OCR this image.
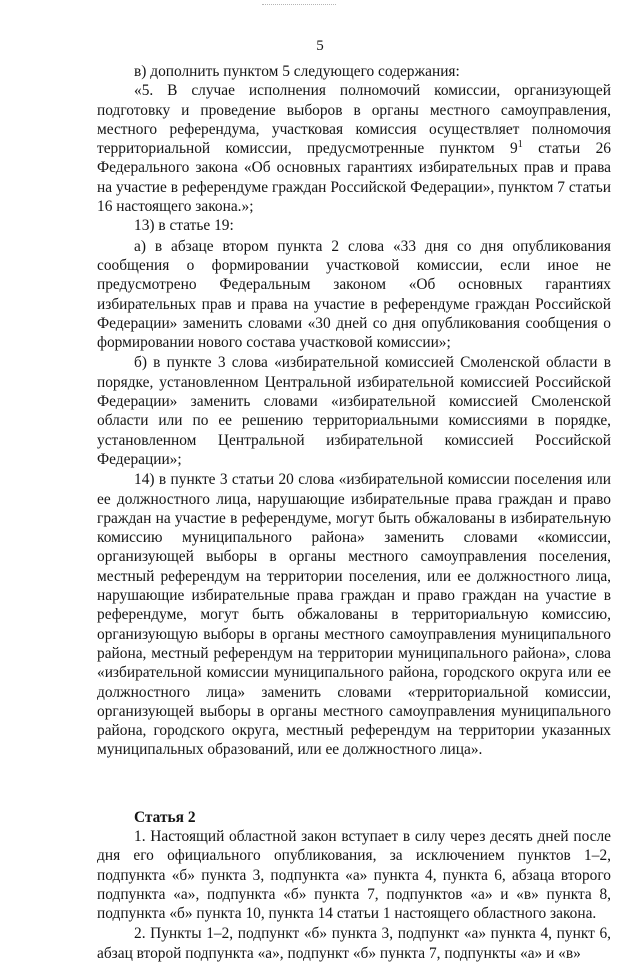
5

в) дополнить пунктом 5 следующего содержания:

«5. В случае исполнения полномочий комиссии, организующей подготовку и проведение выборов в органы местного самоуправления, местного референдума, участковая комиссия осуществляет полномочия территориальной комиссии, предусмотренные пунктом $9^1$ статьи 26 Федерального закона «Об основных гарантиях избирательных прав и права на участие в референдуме граждан Российской Федерации», пунктом 7 статьи 16 настоящего закона.»;

13) в статье 19:

а) в абзаце втором пункта 2 слова «33 дня со дня опубликования сообщения о формировании участковой комиссии, если иное не предусмотрено Федеральным законом «Об основных гарантиях избирательных прав и права на участие в референдуме граждан Российской Федерации» заменить словами «30 дней со дня опубликования сообщения о формировании нового состава участковой комиссии»;

б) в пункте 3 слова «избирательной комиссией Смоленской области в порядке, установленном Центральной избирательной комиссией Российской Федерации» заменить словами «избирательной комиссией Смоленской области или по ее решению территориальными комиссиями в порядке, установленном Центральной избирательной комиссией Российской Федерации»;

14) в пункте 3 статьи 20 слова «избирательной комиссии поселения или ее должностного лица, нарушающие избирательные права граждан и право граждан на участие в референдуме, могут быть обжалованы в избирательную комиссию муниципального района» заменить словами «комиссии, организующей выборы в органы местного самоуправления поселения, местный референдум на территории поселения, или ее должностного лица, нарушающие избирательные права граждан и право граждан на участие в референдуме, могут быть обжалованы в территориальную комиссию, организующую выборы в органы местного самоуправления муниципального района, местный референдум на территории муниципального района», слова «избирательной комиссии муниципального района, городского округа или ее должностного лица» заменить словами «территориальной комиссии, организующей выборы в органы местного самоуправления муниципального района, городского округа, местный референдум на территории указанных муниципальных образований, или ее должностного лица».

Статья 2

1. Настоящий областной закон вступает в силу через десять дней после дня его официального опубликования, за исключением пунктов 1–2, подпункта «б» пункта 3, подпункта «а» пункта 4, пункта 6, абзаца второго подпункта «а», подпункта «б» пункта 7, подпунктов «а» и «в» пункта 8, подпункта «б» пункта 10, пункта 14 статьи 1 настоящего областного закона.

2. Пункты 1–2, подпункт «б» пункта 3, подпункт «а» пункта 4, пункт 6, абзац второй подпункта «а», подпункт «б» пункта 7, подпункты «а» и «в»
